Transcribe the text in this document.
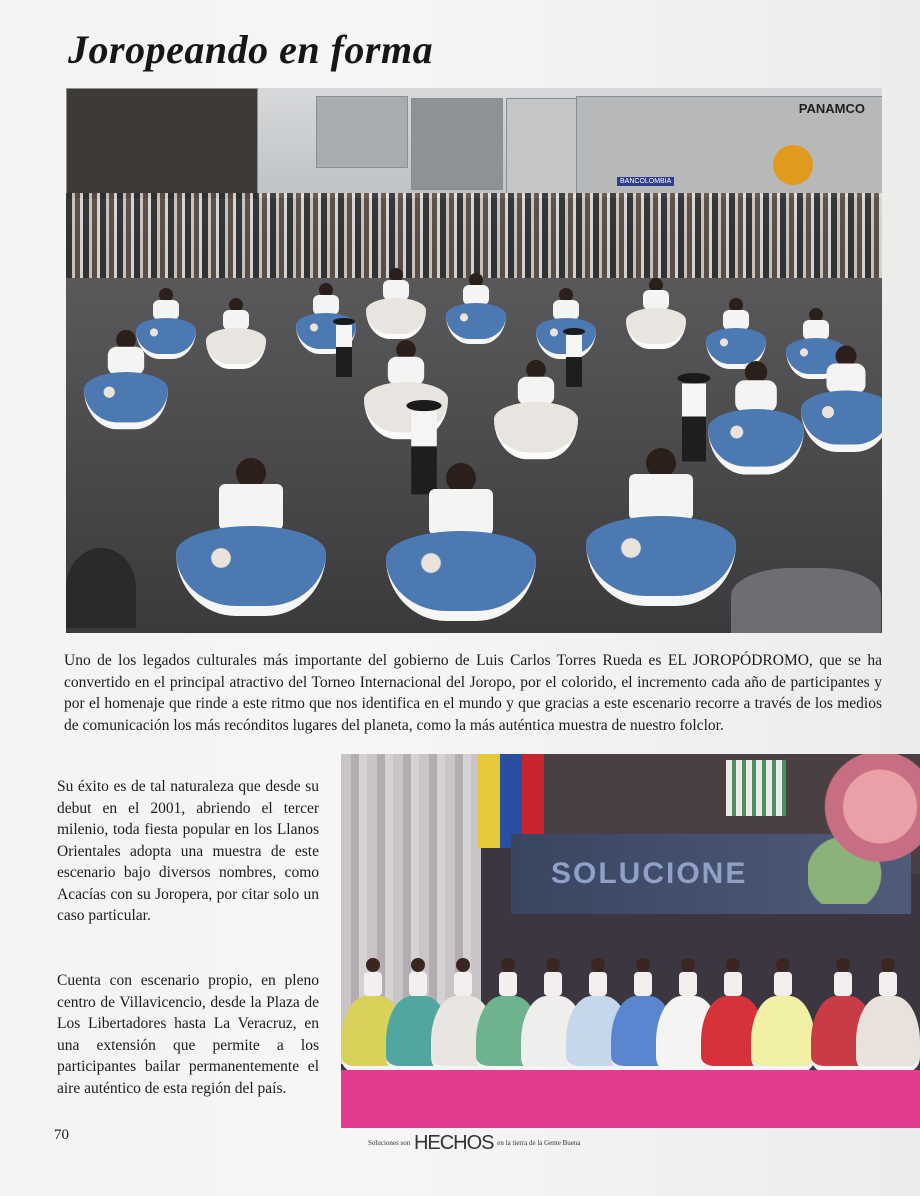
Joropeando en forma
PANAMCO
BANCOLOMBIA

Uno de los legados culturales más importante del gobierno de Luis Carlos Torres Rueda es EL JOROPÓDROMO, que se ha convertido en el principal atractivo del Torneo Internacional del Joropo, por el colorido, el incremento cada año de participantes y por el homenaje que rinde a este ritmo que nos identifica en el mundo y que gracias a este escenario recorre a través de los medios de comunicación los más recónditos lugares del planeta, como la más auténtica muestra de nuestro folclor.

Su éxito es de tal naturaleza que desde su debut en el 2001, abriendo el tercer milenio, toda fiesta popular en los Llanos Orientales adopta una muestra de este escenario bajo diversos nombres, como Acacías con su Joropera, por citar solo un caso particular.

Cuenta con escenario propio, en pleno centro de Villavicencio, desde la Plaza de Los Libertadores hasta La Veracruz, en una extensión que permite a los participantes bailar permanentemente el aire auténtico de esta región del país.

SOLUCIONE
70
Soluciones son HECHOS en la tierra de la Gente Buena
